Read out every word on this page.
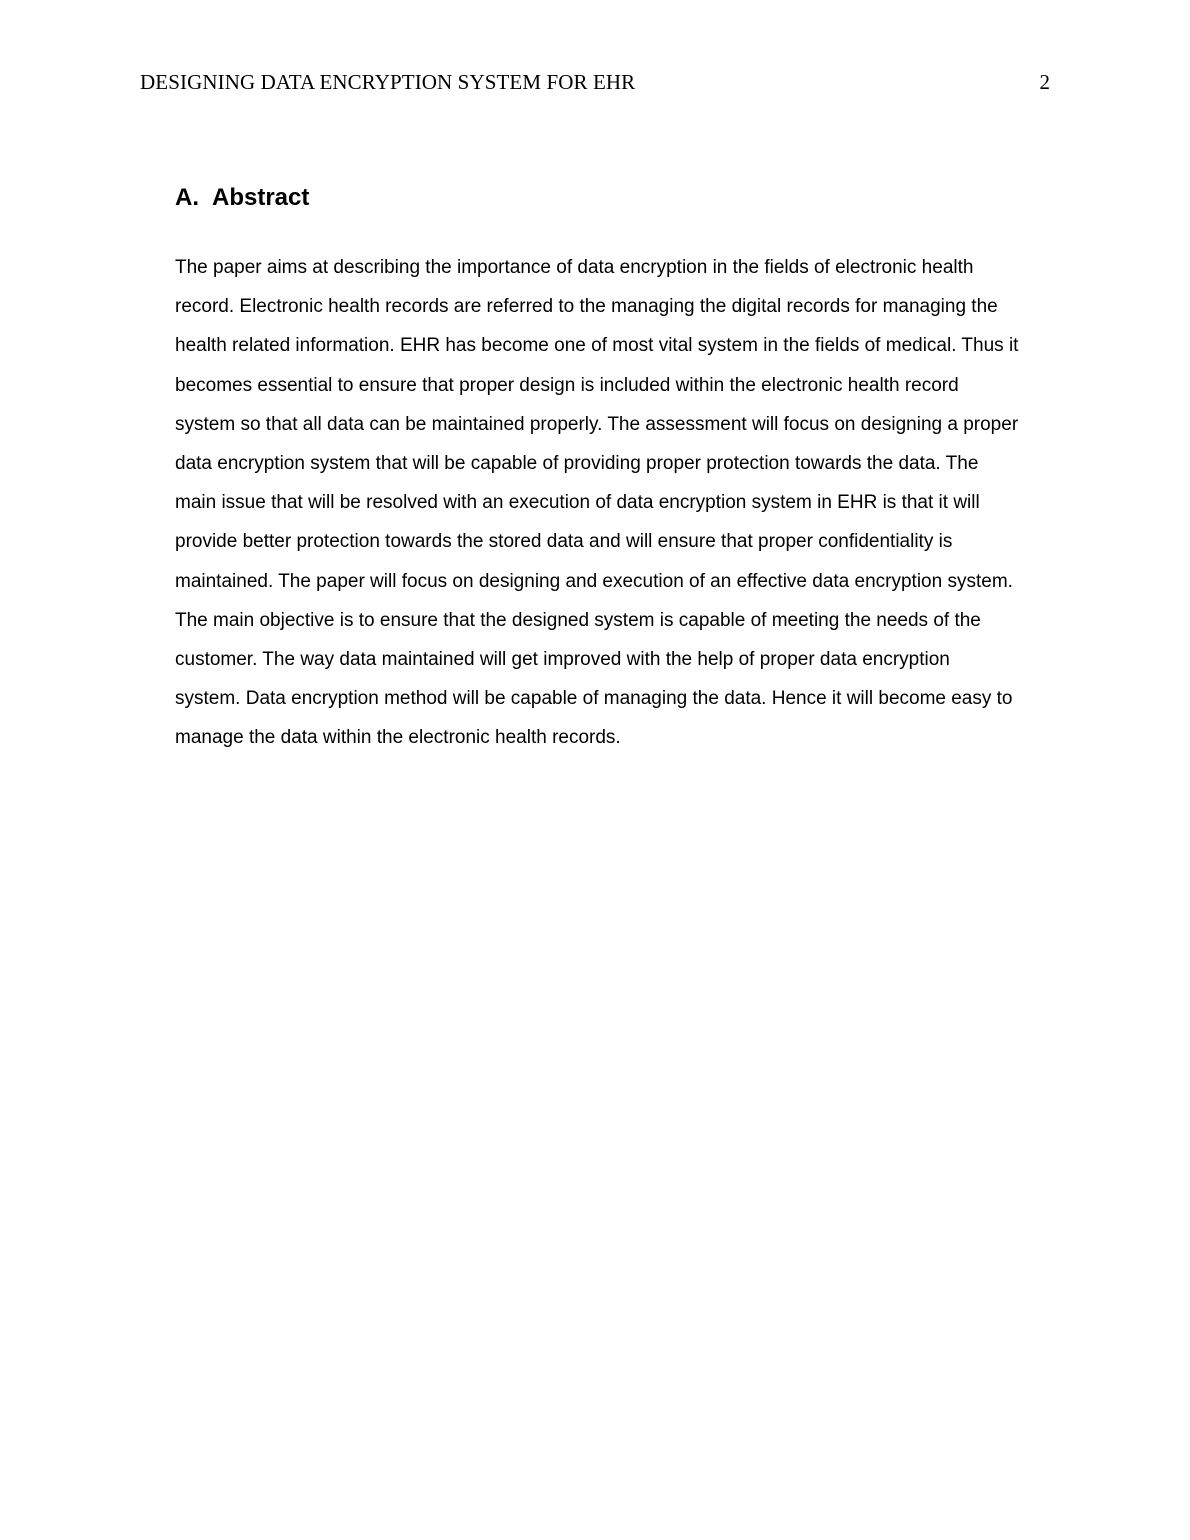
DESIGNING DATA ENCRYPTION SYSTEM FOR EHR	2
A. Abstract

The paper aims at describing the importance of data encryption in the fields of electronic health
record. Electronic health records are referred to the managing the digital records for managing the
health related information. EHR has become one of most vital system in the fields of medical. Thus it
becomes essential to ensure that proper design is included within the electronic health record
system so that all data can be maintained properly. The assessment will focus on designing a proper
data encryption system that will be capable of providing proper protection towards the data. The
main issue that will be resolved with an execution of data encryption system in EHR is that it will
provide better protection towards the stored data and will ensure that proper confidentiality is
maintained. The paper will focus on designing and execution of an effective data encryption system.
The main objective is to ensure that the designed system is capable of meeting the needs of the
customer. The way data maintained will get improved with the help of proper data encryption
system. Data encryption method will be capable of managing the data. Hence it will become easy to
manage the data within the electronic health records.
